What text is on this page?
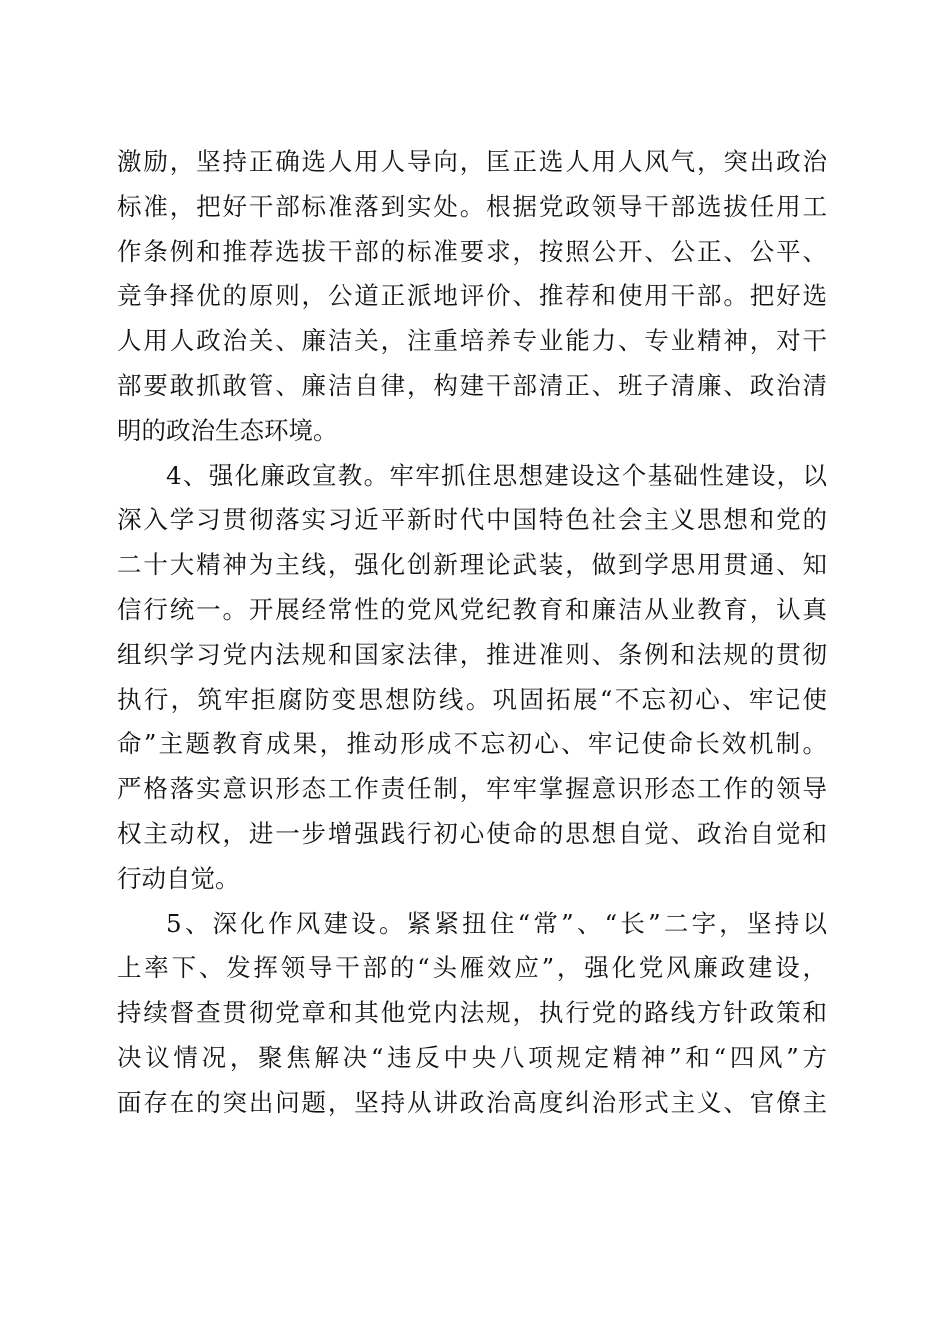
激励，坚持正确选人用人导向，匡正选人用人风气，突出政治
标准，把好干部标准落到实处。根据党政领导干部选拔任用工
作条例和推荐选拔干部的标准要求，按照公开、公正、公平、
竞争择优的原则，公道正派地评价、推荐和使用干部。把好选
人用人政治关、廉洁关，注重培养专业能力、专业精神，对干
部要敢抓敢管、廉洁自律，构建干部清正、班子清廉、政治清
明的政治生态环境。
4、强化廉政宣教。牢牢抓住思想建设这个基础性建设，以
深入学习贯彻落实习近平新时代中国特色社会主义思想和党的
二十大精神为主线，强化创新理论武装，做到学思用贯通、知
信行统一。开展经常性的党风党纪教育和廉洁从业教育，认真
组织学习党内法规和国家法律，推进准则、条例和法规的贯彻
执行，筑牢拒腐防变思想防线。巩固拓展“不忘初心、牢记使
命”主题教育成果，推动形成不忘初心、牢记使命长效机制。
严格落实意识形态工作责任制，牢牢掌握意识形态工作的领导
权主动权，进一步增强践行初心使命的思想自觉、政治自觉和
行动自觉。
5、深化作风建设。紧紧扭住“常”、“长”二字，坚持以
上率下、发挥领导干部的“头雁效应”，强化党风廉政建设，
持续督查贯彻党章和其他党内法规，执行党的路线方针政策和
决议情况，聚焦解决“违反中央八项规定精神”和“四风”方
面存在的突出问题，坚持从讲政治高度纠治形式主义、官僚主
